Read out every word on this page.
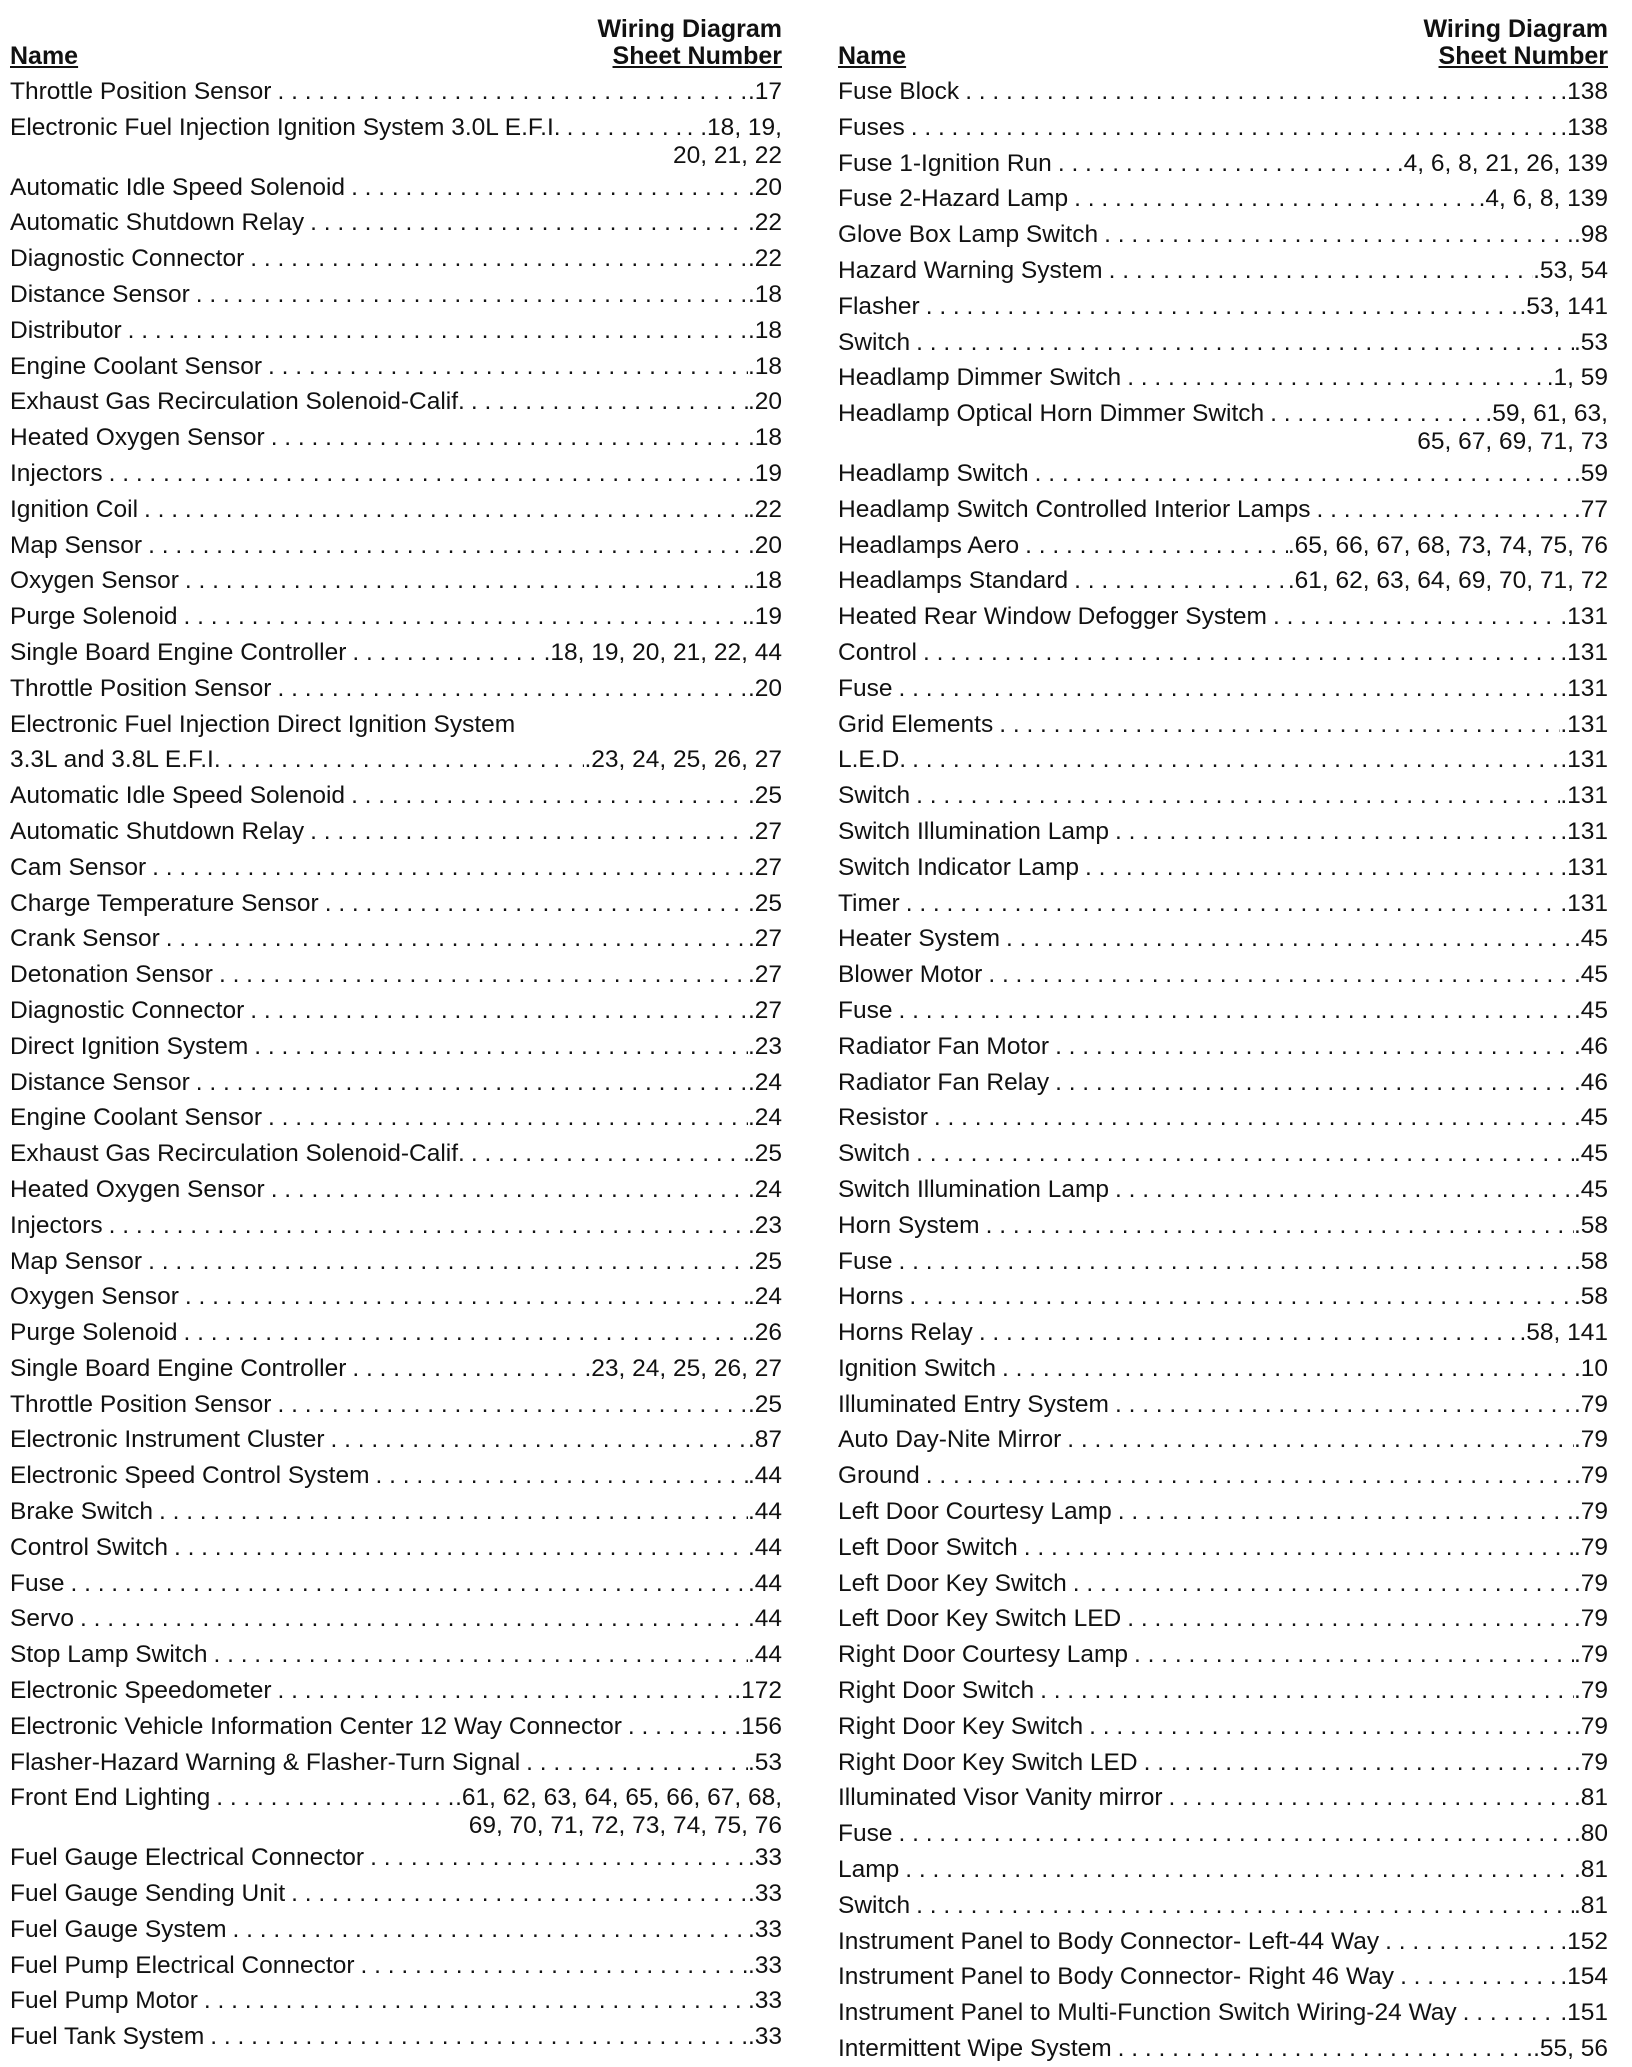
Name
Wiring Diagram
Sheet Number
Throttle Position Sensor . . .	.17
Electronic Fuel Injection Ignition System 3.0L E.F.I. . . .	. .18, 19,
20, 21, 22
Automatic Idle Speed Solenoid . . .	.20
Automatic Shutdown Relay . . .	.22
Diagnostic Connector . . .	.22
Distance Sensor . . .	.18
Distributor . . .	.18
Engine Coolant Sensor . . .	.18
Exhaust Gas Recirculation Solenoid-Calif. . . .	.20
Heated Oxygen Sensor . . .	.18
Injectors . . .	.19
Ignition Coil . . .	.22
Map Sensor . . .	.20
Oxygen Sensor . . .	.18
Purge Solenoid . . .	.19
Single Board Engine Controller . . .	.18, 19, 20, 21, 22, 44
Throttle Position Sensor . . .	.20
Electronic Fuel Injection Direct Ignition System
3.3L and 3.8L E.F.I. . . .	.23, 24, 25, 26, 27
Automatic Idle Speed Solenoid . . .	.25
Automatic Shutdown Relay . . .	.27
Cam Sensor . . .	.27
Charge Temperature Sensor . . .	.25
Crank Sensor . . .	.27
Detonation Sensor . . .	.27
Diagnostic Connector . . .	.27
Direct Ignition System . . .	.23
Distance Sensor . . .	.24
Engine Coolant Sensor . . .	.24
Exhaust Gas Recirculation Solenoid-Calif. . . .	.25
Heated Oxygen Sensor . . .	.24
Injectors . . .	.23
Map Sensor . . .	.25
Oxygen Sensor . . .	.24
Purge Solenoid . . .	.26
Single Board Engine Controller . . .	.23, 24, 25, 26, 27
Throttle Position Sensor . . .	.25
Electronic Instrument Cluster . . .	.87
Electronic Speed Control System . . .	.44
Brake Switch . . .	.44
Control Switch . . .	.44
Fuse . . .	.44
Servo . . .	.44
Stop Lamp Switch . . .	.44
Electronic Speedometer . . .	.172
Electronic Vehicle Information Center 12 Way Connector . . .	. .156
Flasher-Hazard Warning & Flasher-Turn Signal . . .	.53
Front End Lighting . . .	.61, 62, 63, 64, 65, 66, 67, 68,
69, 70, 71, 72, 73, 74, 75, 76
Fuel Gauge Electrical Connector . . .	.33
Fuel Gauge Sending Unit . . .	.33
Fuel Gauge System . . .	.33
Fuel Pump Electrical Connector . . .	.33
Fuel Pump Motor . . .	.33
Fuel Tank System . . .	.33
Name
Wiring Diagram
Sheet Number
Fuse Block . . .	.138
Fuses . . .	.138
Fuse 1-Ignition Run . . .	.4, 6, 8, 21, 26, 139
Fuse 2-Hazard Lamp . . .	.4, 6, 8, 139
Glove Box Lamp Switch . . .	.98
Hazard Warning System . . .	.53, 54
Flasher . . .	.53, 141
Switch . . .	.53
Headlamp Dimmer Switch . . .	.1, 59
Headlamp Optical Horn Dimmer Switch . . .	.59, 61, 63,
65, 67, 69, 71, 73
Headlamp Switch . . .	.59
Headlamp Switch Controlled Interior Lamps . . .	.77
Headlamps Aero . . .	.65, 66, 67, 68, 73, 74, 75, 76
Headlamps Standard . . .	.61, 62, 63, 64, 69, 70, 71, 72
Heated Rear Window Defogger System . . .	.131
Control . . .	.131
Fuse . . .	.131
Grid Elements . . .	.131
L.E.D. . . .	.131
Switch . . .	.131
Switch Illumination Lamp . . .	.131
Switch Indicator Lamp . . .	.131
Timer . . .	.131
Heater System . . .	.45
Blower Motor . . .	.45
Fuse . . .	.45
Radiator Fan Motor . . .	.46
Radiator Fan Relay . . .	.46
Resistor . . .	.45
Switch . . .	.45
Switch Illumination Lamp . . .	.45
Horn System . . .	.58
Fuse . . .	.58
Horns . . .	.58
Horns Relay . . .	.58, 141
Ignition Switch . . .	.10
Illuminated Entry System . . .	.79
Auto Day-Nite Mirror . . .	.79
Ground . . .	.79
Left Door Courtesy Lamp . . .	.79
Left Door Switch . . .	.79
Left Door Key Switch . . .	.79
Left Door Key Switch LED . . .	.79
Right Door Courtesy Lamp . . .	.79
Right Door Switch . . .	.79
Right Door Key Switch . . .	.79
Right Door Key Switch LED . . .	.79
Illuminated Visor Vanity mirror . . .	.81
Fuse . . .	.80
Lamp . . .	.81
Switch . . .	.81
Instrument Panel to Body Connector- Left-44 Way . . .	.152
Instrument Panel to Body Connector- Right 46 Way . . .	.154
Instrument Panel to Multi-Function Switch Wiring-24 Way . . .	.151
Intermittent Wipe System . . .	.55, 56
